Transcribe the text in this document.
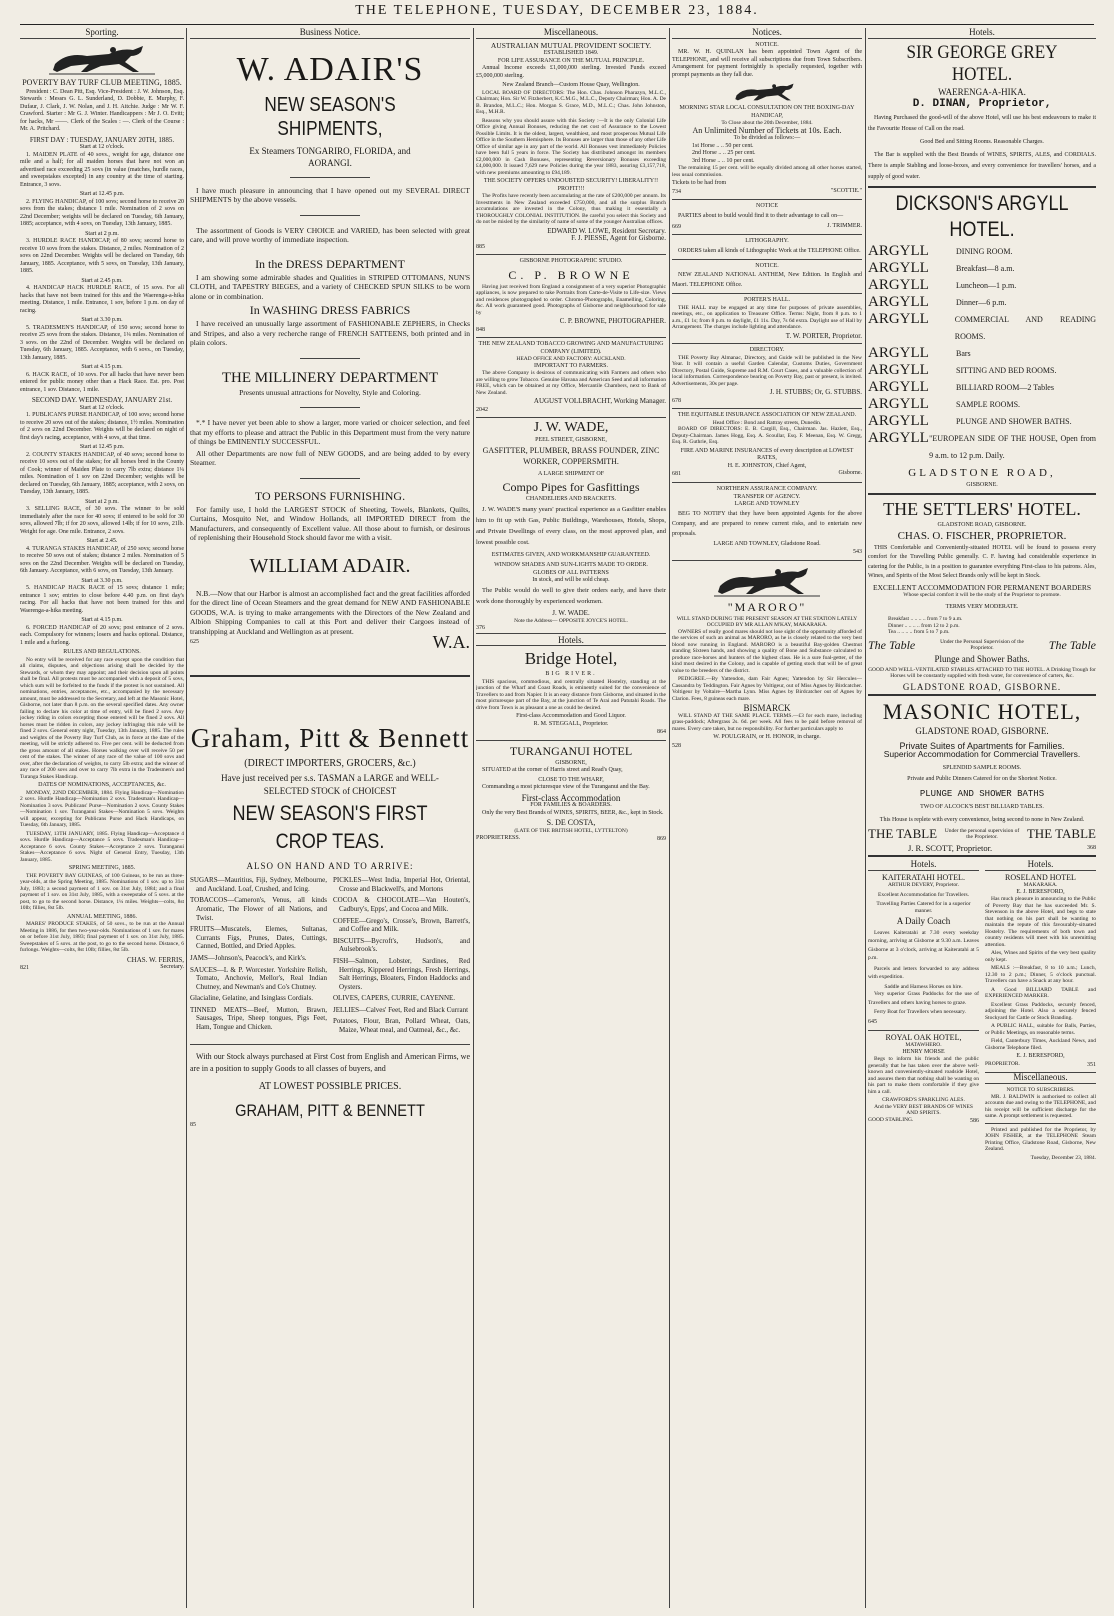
THE TELEPHONE, TUESDAY, DECEMBER 23, 1884.
Sporting.
POVERTY BAY TURF CLUB MEETING, 1885.
President : C. Dean Pitt, Esq. Vice-President : J. W. Johnson, Esq. Stewards : Messrs G. L. Sunderland, D. Dobbie, E. Murphy, F. Dufaur, J. Clark, J. W. Nolan, and J. H. Aitchie. Judge : Mr W. F. Crawford. Starter : Mr G. J. Winter. Handicappers : Mr J. O. Evitt; for hacks, Mr ——. Clerk of the Scales : —. Clerk of the Course : Mr. A. Pritchard.
FIRST DAY : TUESDAY, JANUARY 20TH, 1885.
Start at 12 o'clock.
1. MAIDEN PLATE of 40 sovs., weight for age, distance one mile and a half; for all maiden horses that have not won an advertised race exceeding 25 sovs (in value (matches, hurdle races, and sweepstakes excepted) in any country at the time of starting. Entrance, 3 sovs.
Start at 12.45 p.m.
2. FLYING HANDICAP, of 100 sovs; second horse to receive 20 sovs from the stakes; distance 1 mile. Nomination of 2 sovs on 22nd December; weights will be declared on Tuesday, 6th January, 1885; acceptance, with 4 sovs, on Tuesday, 13th January, 1885.
Start at 2 p.m.
3. HURDLE RACE HANDICAP, of 80 sovs; second horse to receive 10 sovs from the stakes. Distance, 2 miles. Nomination of 2 sovs on 22nd December. Weights will be declared on Tuesday, 6th January, 1885. Acceptance, with 5 sovs, on Tuesday, 13th January, 1885.
Start at 2.45 p.m.
4. HANDICAP HACK HURDLE RACE, of 15 sovs. For all hacks that have not been trained for this and the Waerenga-a-hika meeting. Distance, 1 mile. Entrance, 1 sov, before 1 p.m. on day of racing.
Start at 3.30 p.m.
5. TRADESMEN'S HANDICAP, of 150 sovs; second horse to receive 25 sovs from the stakes. Distance, 1¼ miles. Nomination of 3 sovs. on the 22nd of December. Weights will be declared on Tuesday, 6th January, 1885. Acceptance, with 6 sovs., on Tuesday, 13th January, 1885.
Start at 4.15 p.m.
6. HACK RACE, of 10 sovs. For all hacks that have never been entered for public money other than a Hack Race. Est. pro. Post entrance, 1 sov. Distance, 1 mile.
SECOND DAY. WEDNESDAY, JANUARY 21st.
Start at 12 o'clock.
1. PUBLICAN'S PURSE HANDICAP, of 100 sovs; second horse to receive 20 sovs out of the stakes; distance, 1½ miles. Nomination of 2 sovs on 22nd December. Weights will be declared on night of first day's racing, acceptance, with 4 sovs, at that time.
Start at 12.45 p.m.
2. COUNTY STAKES HANDICAP, of 40 sovs; second horse to receive 10 sovs out of the stakes; for all horses bred in the County of Cook; winner of Maiden Plate to carry 7lb extra; distance 1¼ miles. Nomination of 1 sov on 22nd December; weights will be declared on Tuesday, 6th January, 1885; acceptance, with 2 sovs, on Tuesday, 13th January, 1885.
Start at 2 p.m.
3. SELLING RACE, of 30 sovs. The winner to be sold immediately after the race for 40 sovs; if entered to be sold for 30 sovs, allowed 7lb; if for 20 sovs, allowed 14lb; if for 10 sovs, 21lb. Weight for age. One mile. Entrance, 2 sovs.
Start at 2.45.
4. TURANGA STAKES HANDICAP, of 250 sovs; second horse to receive 50 sovs out of stakes; distance 2 miles. Nomination of 5 sovs on the 22nd December. Weights will be declared on Tuesday, 6th January. Acceptance, with 6 sovs, on Tuesday, 13th January.
Start at 3.30 p.m.
5. HANDICAP HACK RACE of 15 sovs; distance 1 mile; entrance 1 sov; entries to close before 4.40 p.m. on first day's racing. For all hacks that have not been trained for this and Waerenga-a-hika meeting.
Start at 4.15 p.m.
6. FORCED HANDICAP of 20 sovs; post entrance of 2 sovs. each. Compulsory for winners; losers and hacks optional. Distance, 1 mile and a furlong.
RULES AND REGULATIONS.
No entry will be received for any race except upon the condition that all claims, disputes, and objections arising shall be decided by the Stewards, or whom they may appoint; and their decision upon all points shall be final. All protests must be accompanied with a deposit of 5 sovs, which sum will be forfeited to the funds if the protest is not sustained. All nominations, entries, acceptances, etc., accompanied by the necessary amount, must be addressed to the Secretary, and left at the Masonic Hotel, Gisborne, not later than 8 p.m. on the several specified dates. Any owner failing to declare his color at time of entry, will be fined 2 sovs. Any jockey riding in colors excepting those entered will be fined 2 sovs. All horses must be ridden in colors, any jockey infringing this rule will be fined 2 sovs. General entry night, Tuesday, 13th January, 1885. The rules and weights of the Poverty Bay Turf Club, as in force at the date of the meeting, will be strictly adhered to. Five per cent. will be deducted from the gross amount of all stakes. Horses walking over will receive 50 per cent of the stakes. The winner of any race of the value of 100 sovs and over, after the declaration of weights, to carry 5lb extra; and the winner of any race of 200 sovs and over to carry 7lb extra in the Tradesmen's and Turanga Stakes Handicap.
DATES OF NOMINATIONS, ACCEPTANCES, &c.
MONDAY, 22ND DECEMBER, 1884. Flying Handicap—Nomination 2 sovs. Hurdle Handicap—Nomination 2 sovs. Tradesman's Handicap—Nomination 3 sovs. Publicans' Purse—Nomination 2 sovs. County Stakes—Nomination 1 sov. Turanganui Stakes—Nomination 5 sovs. Weights will appear, excepting for Publicans Purse and Hack Handicaps, on Tuesday, 6th January, 1885.
TUESDAY, 13TH JANUARY, 1885. Flying Handicap—Acceptance 4 sovs. Hurdle Handicap—Acceptance 5 sovs. Tradesman's Handicap—Acceptance 6 sovs. County Stakes—Acceptance 2 sovs. Turanganui Stakes—Acceptance 6 sovs. Night of General Entry, Tuesday, 13th January, 1885.
SPRING MEETING, 1885.
THE POVERTY BAY GUINEAS, of 100 Guineas, to be run as three-year-olds, at the Spring Meeting, 1885. Nominations of 1 sov. up to 31st July, 1883; a second payment of 1 sov. on 31st July, 1884; and a final payment of 1 sov. on 31st July, 1885, with a sweepstake of 5 sovs. at the post, to go to the second horse. Distance, 1¼ miles. Weights—colts, 8st 10lb; fillies, 8st 5lb.
ANNUAL MEETING, 1886.
MARES' PRODUCE STAKES, of 50 sovs., to be run at the Annual Meeting in 1886, for then two-year-olds. Nominations of 1 sov. for mares on or before 31st July, 1883; final payment of 1 sov. on 31st July, 1885. Sweepstakes of 5 sovs. at the post, to go to the second horse. Distance, 6 furlongs. Weights—colts, 8st 10lb; fillies, 8st 5lb.
CHAS. W. FERRIS,
821	Secretary.
Business Notice.
W. ADAIR'S
NEW SEASON'S SHIPMENTS,
Ex Steamers TONGARIRO, FLORIDA, and AORANGI.
I have much pleasure in announcing that I have opened out my SEVERAL DIRECT SHIPMENTS by the above vessels.
The assortment of Goods is VERY CHOICE and VARIED, has been selected with great care, and will prove worthy of immediate inspection.
In the DRESS DEPARTMENT
I am showing some admirable shades and Qualities in STRIPED OTTOMANS, NUN'S CLOTH, and TAPESTRY BIEGES, and a variety of CHECKED SPUN SILKS to be worn alone or in combination.
In WASHING DRESS FABRICS
I have received an unusually large assortment of FASHIONABLE ZEPHERS, in Checks and Stripes, and also a very recherche range of FRENCH SATTEENS, both printed and in plain colors.
THE MILLINERY DEPARTMENT
Presents unusual attractions for Novelty, Style and Coloring.
*.* I have never yet been able to show a larger, more varied or choicer selection, and feel that my efforts to please and attract the Public in this Department must from the very nature of things be EMINENTLY SUCCESSFUL.
All other Departments are now full of NEW GOODS, and are being added to by every Steamer.
TO PERSONS FURNISHING.
For family use, I hold the LARGEST STOCK of Sheeting, Towels, Blankets, Quilts, Curtains, Mosquito Net, and Window Hollands, all IMPORTED DIRECT from the Manufacturers, and consequently of Excellent value. All those about to furnish, or desirous of replenishing their Household Stock should favor me with a visit.
WILLIAM ADAIR.
N.B.—Now that our Harbor is almost an accomplished fact and the great facilities afforded for the direct line of Ocean Steamers and the great demand for NEW AND FASHIONABLE GOODS, W.A. is trying to make arrangements with the Directors of the New Zealand and Albion Shipping Companies to call at this Port and deliver their Cargoes instead of transhipping at Auckland and Wellington as at present.
625	W.A.
Graham, Pitt & Bennett
(DIRECT IMPORTERS, GROCERS, &c.)
Have just received per s.s. TASMAN a LARGE and WELL-
SELECTED STOCK of CHOICEST
NEW SEASON'S FIRST CROP TEAS.
ALSO ON HAND AND TO ARRIVE:
SUGARS—Mauritius, Fiji, Sydney, Melbourne, and Auckland. Loaf, Crushed, and Icing.
TOBACCOS—Cameron's, Venus, all kinds Aromatic, The Flower of all Nations, and Twist.
FRUITS—Muscatels, Elemes, Sultanas, Currants Figs, Prunes, Dates, Cuttings, Canned, Bottled, and Dried Apples.
JAMS—Johnson's, Peacock's, and Kirk's.
SAUCES—L & P. Worcester. Yorkshire Relish, Tomato, Anchovie, Mellor's, Real Indian Chutney, and Newman's and Co's Chutney.
Glacialine, Gelatine, and Isinglass Cordials.
TINNED MEATS—Beef, Mutton, Brawn, Sausages, Tripe, Sheep tongues, Pigs Feet, Ham, Tongue and Chicken.
PICKLES—West India, Imperial Hot, Oriental, Crosse and Blackwell's, and Mortons
COCOA & CHOCOLATE—Van Houten's, Cadbury's, Epps', and Cocoa and Milk.
COFFEE—Grego's, Crosse's, Brown, Barrett's, and Coffee and Milk.
BISCUITS—Bycroft's, Hudson's, and Aulsebrook's.
FISH—Salmon, Lobster, Sardines, Red Herrings, Kippered Herrings, Fresh Herrings, Salt Herrings, Bloaters, Findon Haddocks and Oysters.
OLIVES, CAPERS, CURRIE, CAYENNE.
JELLIES—Calves' Feet, Red and Black Currant
Potatoes, Flour, Bran, Pollard Wheat, Oats, Maize, Wheat meal, and Oatmeal, &c., &c.
With our Stock always purchased at First Cost from English and American Firms, we are in a position to supply Goods to all classes of buyers, and
AT LOWEST POSSIBLE PRICES.
GRAHAM, PITT & BENNETT
85
Miscellaneous.
AUSTRALIAN MUTUAL PROVIDENT SOCIETY.
ESTABLISHED 1849.
FOR LIFE ASSURANCE ON THE MUTUAL PRINCIPLE.
Annual Income exceeds £1,000,000 sterling. Invested Funds exceed £5,000,000 sterling.
New Zealand Branch—Custom House Quay, Wellington.
LOCAL BOARD OF DIRECTORS: The Hon. Chas. Johnson Pharazyn, M.L.C., Chairman; Hon. Sir W. Fitzherbert, K.C.M.G., M.L.C., Deputy Chairman; Hon. A. De B. Brandon, M.L.C.; Hon. Morgan S. Grace, M.D., M.L.C.; Chas. John Johnston, Esq., M.H.R.
Reasons why you should assure with this Society :—It is the only Colonial Life Office giving Annual Bonuses, reducing the net cost of Assurance to the Lowest Possible Limits. It is the oldest, largest, wealthiest, and most prosperous Mutual Life Office in the Southern Hemisphere. Its Bonuses are larger than those of any other Life Office of similar age in any part of the world. All Bonuses vest immediately Policies have been full 5 years in force. The Society has distributed amongst its members £2,000,000 in Cash Bonuses, representing Reversionary Bonuses exceeding £4,000,000. It issued 7,629 new Policies during the year 1883, assuring £3,157,718, with new premiums amounting to £94,189.
THE SOCIETY OFFERS UNDOUBTED SECURITY! LIBERALITY!! PROFIT!!!
The Profits have recently been accumulating at the rate of £200,000 per annum. Its Investments in New Zealand exceeded £750,000, and all the surplus Branch accumulations are invested in the Colony, thus making it essentially a THOROUGHLY COLONIAL INSTITUTION. Be careful you select this Society and do not be misled by the similarity of name of some of the younger Australian offices.
EDWARD W. LOWE, Resident Secretary.
F. J. PIESSE, Agent for Gisborne.
885
GISBORNE PHOTOGRAPHIC STUDIO.
C. P. BROWNE
Having just received from England a consignment of a very superior Photographic appliances, is now prepared to take Portraits from Carte-de-Visite to Life-size. Views and residences photographed to order. Chromo-Photographs, Enamelling, Coloring, &c. All work guaranteed good. Photographs of Gisborne and neighbourhood for sale by
C. P. BROWNE, PHOTOGRAPHER.
848
THE NEW ZEALAND TOBACCO GROWING AND MANUFACTURING COMPANY (LIMITED).
HEAD OFFICE AND FACTORY: AUCKLAND.
IMPORTANT TO FARMERS.
The above Company is desirous of communicating with Farmers and others who are willing to grow Tobacco. Genuine Havana and American Seed and all information FREE, which can be obtained at my Office, Mercantile Chambers, next to Bank of New Zealand.
AUGUST VOLLBRACHT, Working Manager.
2042
J. W. WADE,
PEEL STREET, GISBORNE,
GASFITTER, PLUMBER, BRASS FOUNDER, ZINC WORKER, COPPERSMITH.
A LARGE SHIPMENT OF
Compo Pipes for Gasfittings
CHANDELIERS AND BRACKETS.
J. W. WADE'S many years' practical experience as a Gasfitter enables him to fit up with Gas, Public Buildings, Warehouses, Hotels, Shops, and Private Dwellings of every class, on the most approved plan, and lowest possible cost.
ESTIMATES GIVEN, AND WORKMANSHIP GUARANTEED.
WINDOW SHADES AND SUN-LIGHTS MADE TO ORDER.
GLOBES OF ALL PATTERNS
In stock, and will be sold cheap.
The Public would do well to give their orders early, and have their work done thoroughly by experienced workmen.
J. W. WADE.
Note the Address— OPPOSITE JOYCE'S HOTEL.
376
Hotels.
Bridge Hotel,
BIG RIVER.
THIS spacious, commodious, and centrally situated Hostelry, standing at the junction of the Wharf and Coast Roads, is eminently suited for the convenience of Travellers to and from Napier. It is an easy distance from Gisborne, and situated in the most picturesque part of the Bay, at the junction of Te Arai and Patutahi Roads. The drive from Town is as pleasant a one as could be desired.
First-class Accommodation and Good Liquor.
R. M. STEGGALL, Proprietor.
864
TURANGANUI HOTEL
GISBORNE,
SITUATED at the corner of Harris street and Read's Quay,
CLOSE TO THE WHARF,
Commanding a most picturesque view of the Turanganui and the Bay.
First-class Accommodation
FOR FAMILIES & BOARDERS.
Only the very Best Brands of WINES, SPIRITS, BEER, &c., kept in Stock.
S. DE COSTA,
(LATE OF THE BRITISH HOTEL, LYTTELTON)
PROPRIETRESS.	869
Notices.
NOTICE.
MR. W. H. QUINLAN has been appointed Town Agent of the TELEPHONE, and will receive all subscriptions due from Town Subscribers. Arrangement for payment fortnightly is specially requested, together with prompt payments as they fall due.
MORNING STAR LOCAL CONSULTATION ON THE BOXING-DAY HANDICAP,
To Close about the 20th December, 1884.
An Unlimited Number of Tickets at 10s. Each.
To be divided as follows:—
1st Horse .. .. 50 per cent.
2nd Horse .. .. 25 per cent.
3rd Horse .. .. 10 per cent.
The remaining 15 per cent. will be equally divided among all other horses started, less usual commission.
Tickets to be had from
734	"SCOTTIE."
NOTICE
PARTIES about to build would find it to their advantage to call on—
669	J. TRIMMER.
LITHOGRAPHY.
ORDERS taken all kinds of Lithographic Work at the TELEPHONE Office.
NOTICE.
NEW ZEALAND NATIONAL ANTHEM, New Edition. In English and Maori. TELEPHONE Office.
PORTER'S HALL.
THE HALL may be engaged at any time for purposes of private assemblies, meetings, etc., on application to Treasurer Office. Terms: Night, from 8 p.m. to 1 a.m., £1 1s; from 8 p.m. to daylight, £1 11s. Day, 7s 6d extra. Daylight use of Hall by Arrangement. The charges include lighting and attendance.
T. W. PORTER, Proprietor.
DIRECTORY.
THE Poverty Bay Almanac, Directory, and Guide will be published in the New Year. It will contain a useful Garden Calendar, Customs Duties, Government Directory, Postal Guide, Supreme and R.M. Court Cases, and a valuable collection of local information. Correspondence bearing on Poverty Bay, past or present, is invited. Advertisements, 30s per page.
J. H. STUBBS; Or, G. STUBBS.
678
THE EQUITABLE INSURANCE ASSOCIATION OF NEW ZEALAND.
Head Office : Bond and Rattray streets, Dunedin.
BOARD OF DIRECTORS: E. B. Cargill, Esq., Chairman. Jas. Hazlett, Esq., Deputy-Chairman. James Hogg, Esq. A. Scoullar, Esq. F. Meenan, Esq. W. Gregg, Esq. R. Guthrie, Esq.
FIRE AND MARINE INSURANCES of every description at LOWEST RATES,
H. E. JOHNSTON, Chief Agent,
681	Gisborne.
NORTHERN ASSURANCE COMPANY.
TRANSFER OF AGENCY.
LARGE AND TOWNLEY
BEG TO NOTIFY that they have been appointed Agents for the above Company, and are prepared to renew current risks, and to entertain new proposals.
LARGE AND TOWNLEY, Gladstone Road.
543
"MARORO"
WILL STAND DURING THE PRESENT SEASON AT THE STATION LATELY OCCUPIED BY MR ALLAN M'KAY, MAKARAKA.
OWNERS of really good mares should not lose sight of the opportunity afforded of the services of such an animal as MARORO, as he is closely related to the very best blood now running in England. MARORO is a beautiful Bay-golden Chestnut standing Sixteen hands, and showing a quality of Bone and Substance calculated to produce race-horses and hunters of the highest class. He is a sure foal-getter, of the kind most desired in the Colony, and is capable of getting stock that will be of great value to the breeders of the district.
PEDIGREE.—By Yattendon, dam Fair Agnes; Yattendon by Sir Hercules—Cassandra by Teddington. Fair Agnes by Voltigeur, out of Miss Agnes by Birdcatcher. Voltigeur by Voltaire—Martha Lynn. Miss Agnes by Birdcatcher out of Agnes by Clarion. Fees, 8 guineas each mare.
BISMARCK
WILL STAND AT THE SAME PLACE. TERMS.—£3 for each mare, including grass-paddock; Aftergrass 2s. 6d. per week. All fees to be paid before removal of mares. Every care taken, but no responsibility. For further particulars apply to
W. POULGRAIN, or H. HONOR, in charge.
528
Hotels.
SIR GEORGE GREY HOTEL.
WAERENGA-A-HIKA.
D. DINAN, Proprietor,
Having Purchased the good-will of the above Hotel, will use his best endeavours to make it the Favourite House of Call on the road.
Good Bed and Sitting Rooms. Reasonable Charges.
The Bar is supplied with the Best Brands of WINES, SPIRITS, ALES, and CORDIALS. There is ample Stabling and loose-boxes, and every convenience for travellers' horses, and a supply of good water.
DICKSON'S ARGYLL HOTEL.
ARGYLL	DINING ROOM.
ARGYLL	Breakfast—8 a.m.
ARGYLL	Luncheon—1 p.m.
ARGYLL	Dinner—6 p.m.
ARGYLL	COMMERCIAL AND READING ROOMS.
ARGYLL	Bars
ARGYLL	SITTING AND BED ROOMS.
ARGYLL	BILLIARD ROOM—2 Tables
ARGYLL	SAMPLE ROOMS.
ARGYLL	PLUNGE AND SHOWER BATHS.
ARGYLL "EUROPEAN SIDE OF THE HOUSE, Open from 9 a.m. to 12 p.m. Daily.
GLADSTONE ROAD,
GISBORNE.
THE SETTLERS' HOTEL.
GLADSTONE ROAD, GISBORNE.
CHAS. O. FISCHER, PROPRIETOR.
THIS Comfortable and Conveniently-situated HOTEL will be found to possess every comfort for the Travelling Public generally. C. F. having had considerable experience in catering for the Public, is in a position to guarantee everything First-class to his patrons. Ales, Wines, and Spirits of the Most Select Brands only will be kept in Stock.
EXCELLENT ACCOMMODATION FOR PERMANENT BOARDERS
Whose special comfort it will be the study of the Proprietor to promote.
TERMS VERY MODERATE.
Breakfast .. .. .. .. from 7 to 9 a.m.
Dinner .. .. .. .. from 12 to 2 p.m.
Tea .. .. .. .. from 5 to 7 p.m.
The Table	Under the Personal Supervision of the Proprietor.	The Table
Plunge and Shower Baths.
GOOD AND WELL-VENTILATED STABLES ATTACHED TO THE HOTEL. A Drinking Trough for Horses will be constantly supplied with fresh water, for convenience of carters, &c.
GLADSTONE ROAD, GISBORNE.
MASONIC HOTEL,
GLADSTONE ROAD, GISBORNE.
Private Suites of Apartments for Families.
Superior Accommodation for Commercial Travellers.
SPLENDID SAMPLE ROOMS.
Private and Public Dinners Catered for on the Shortest Notice.
PLUNGE AND SHOWER BATHS
TWO OF ALCOCK'S BEST BILLIARD TABLES.
This House is replete with every convenience, being second to none in New Zealand.
THE TABLE	Under the personal supervision of the Proprietor.	THE TABLE
J. R. SCOTT, Proprietor.	368
Hotels.
KAITERATAHI HOTEL.
ARTHUR DEVERY, Proprietor.
Excellent Accommodation for Travellers.
Travelling Parties Catered for in a superior manner.
A Daily Coach
Leaves Kaiteratahi at 7.30 every weekday morning, arriving at Gisborne at 9.30 a.m. Leaves Gisborne at 3 o'clock, arriving at Kaiteratahi at 5 p.m.
Parcels and letters forwarded to any address with expedition.
Saddle and Harness Horses on hire.
Very superior Grass Paddocks for the use of Travellers and others having horses to graze.
Ferry Boat for Travellers when necessary.
645
ROYAL OAK HOTEL,
MATAWHERO.
HENRY MORSE
Begs to inform his friends and the public generally that he has taken over the above well-known and conveniently-situated roadside Hotel, and assures them that nothing shall be wanting on his part to make them comfortable if they give him a call.
CRAWFORD'S SPARKLING ALES.
And the VERY BEST BRANDS OF WINES AND SPIRITS.
GOOD STABLING.	586
Hotels.
ROSELAND HOTEL
MAKARAKA.
E. J. BERESFORD,
Has much pleasure in announcing to the Public of Poverty Bay that he has succeeded Mr. S. Stevenson in the above Hotel, and begs to state that nothing on his part shall be wanting to maintain the repute of this favourably-situated Hostelry. The requirements of both town and country residents will meet with his unremitting attention.
Ales, Wines and Spirits of the very best quality only kept.
MEALS :—Breakfast, 8 to 10 a.m.; Lunch, 12.30 to 2 p.m.; Dinner, 5 o'clock punctual. Travellers can have a Snack at any hour.
A Good BILLIARD TABLE and EXPERIENCED MARKER.
Excellent Grass Paddocks, securely fenced, adjoining the Hotel. Also a securely fenced Stockyard for Cattle or Stock Branding.
A PUBLIC HALL, suitable for Balls, Parties, or Public Meetings, on reasonable terms.
Field, Canterbury Times, Auckland News, and Gisborne Telephone filed.
E. J. BERESFORD,
PROPRIETOR.	351
Miscellaneous.
NOTICE TO SUBSCRIBERS.
MR. J. BALDWIN is authorised to collect all accounts due and owing to the TELEPHONE, and his receipt will be sufficient discharge for the same. A prompt settlement is requested.
Printed and published for the Proprietor, by JOHN FISHER, at the TELEPHONE Steam Printing Office, Gladstone Road, Gisborne, New Zealand.
Tuesday, December 23, 1884.
